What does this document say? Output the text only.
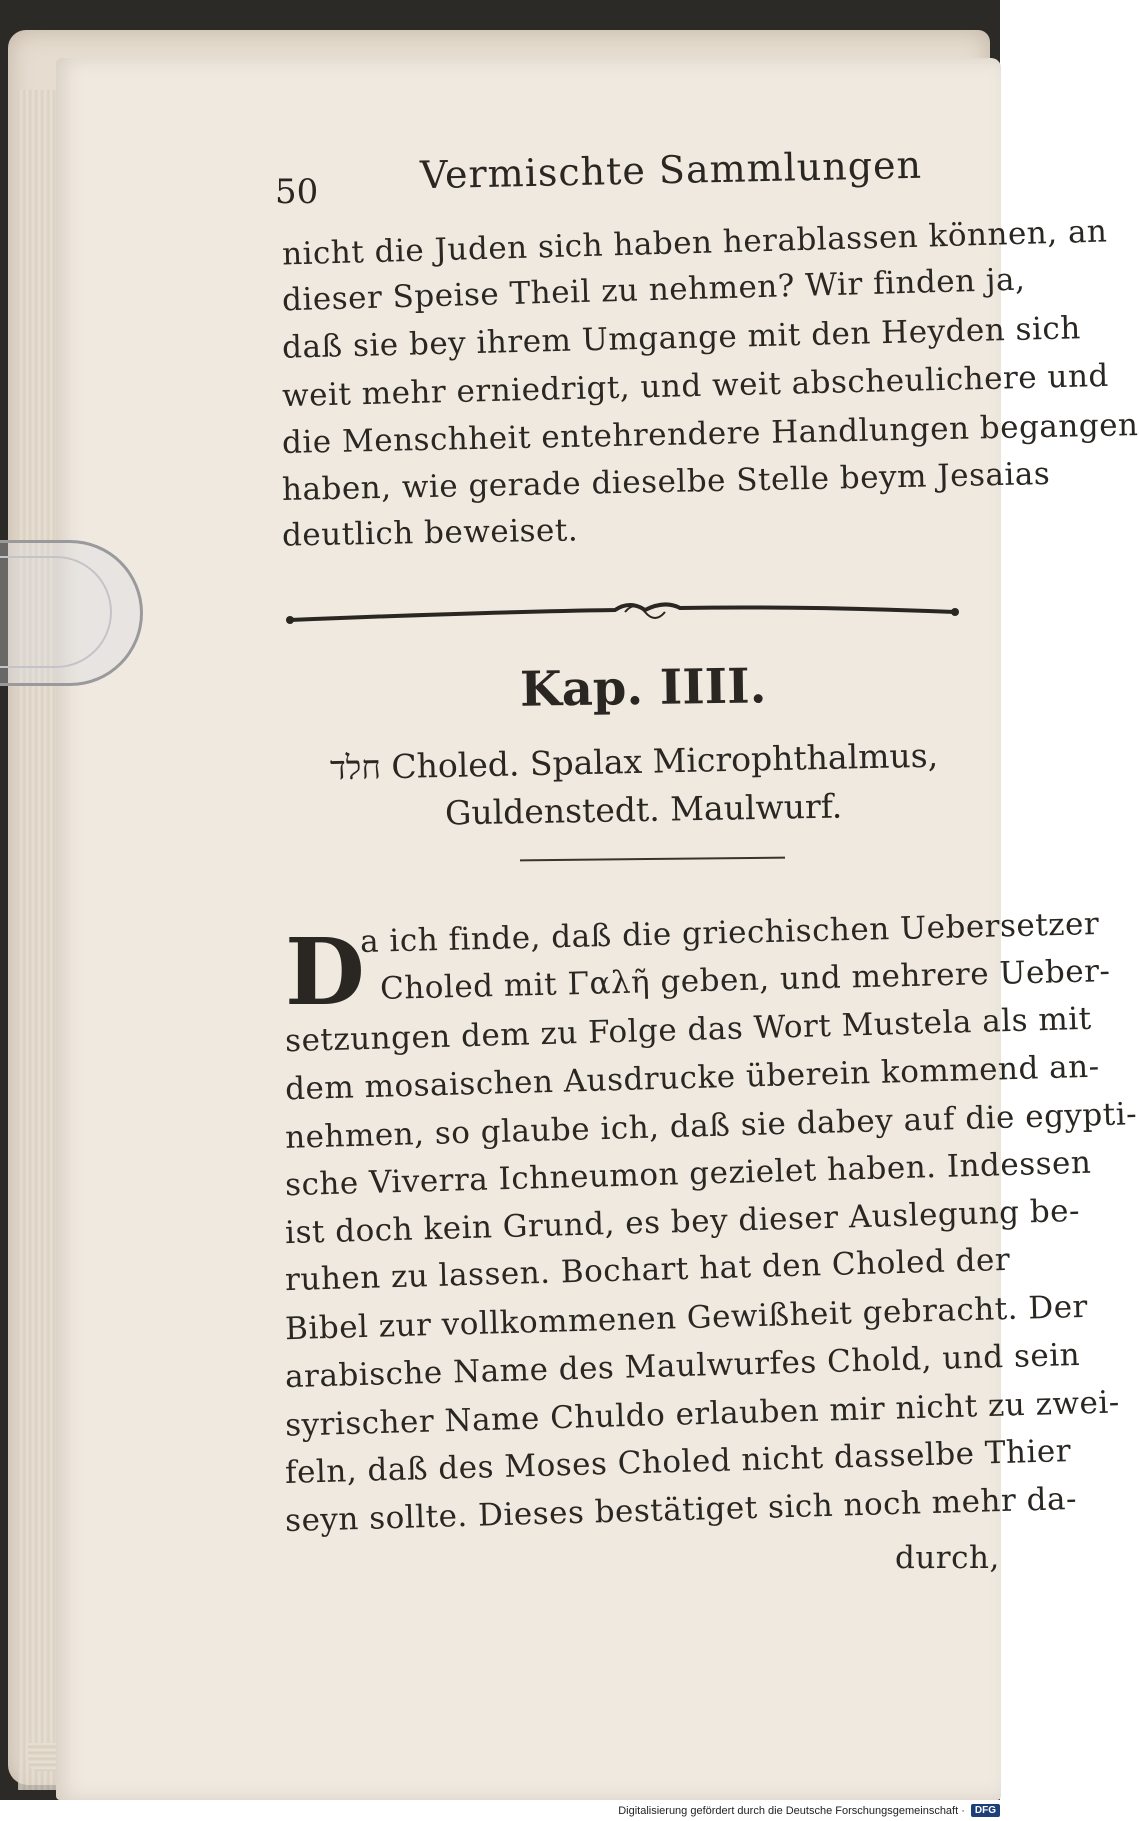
50	Vermischte Sammlungen
nicht die Juden sich haben herablassen können, an
dieser Speise Theil zu nehmen? Wir finden ja,
daß sie bey ihrem Umgange mit den Heyden sich
weit mehr erniedrigt, und weit abscheulichere und
die Menschheit entehrendere Handlungen begangen
haben, wie gerade dieselbe Stelle beym Jesaias
deutlich beweiset.
Kap. IIII.
חלד Choled. Spalax Microphthalmus,
Guldenstedt. Maulwurf.
D
a ich finde, daß die griechischen Uebersetzer
Choled mit Γαλῆ geben, und mehrere Ueber-
setzungen dem zu Folge das Wort Mustela als mit
dem mosaischen Ausdrucke überein kommend an-
nehmen, so glaube ich, daß sie dabey auf die egypti-
sche Viverra Ichneumon gezielet haben. Indessen
ist doch kein Grund, es bey dieser Auslegung be-
ruhen zu lassen. Bochart hat den Choled der
Bibel zur vollkommenen Gewißheit gebracht. Der
arabische Name des Maulwurfes Chold, und sein
syrischer Name Chuldo erlauben mir nicht zu zwei-
feln, daß des Moses Choled nicht dasselbe Thier
seyn sollte. Dieses bestätiget sich noch mehr da-
durch,
Digitalisierung gefördert durch die Deutsche Forschungsgemeinschaft ·	DFG
